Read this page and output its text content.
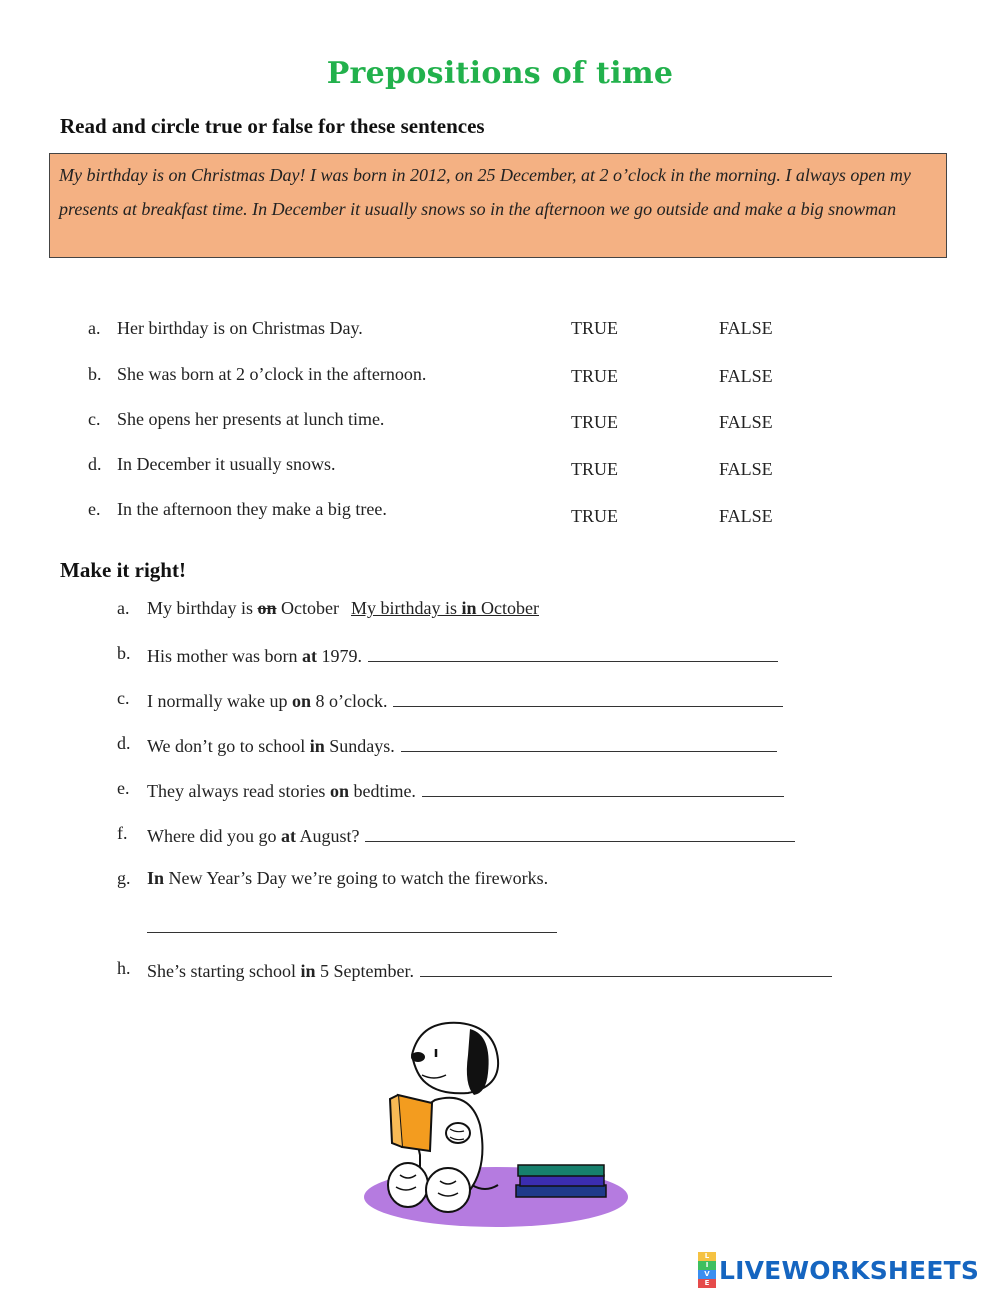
Prepositions of time
Read and circle true or false for these sentences
My birthday is on Christmas Day! I was born in 2012, on 25 December, at 2 o’clock in the morning. I always open my presents at breakfast time. In December it usually snows so in the afternoon we go outside and make a big snowman
a. Her birthday is on Christmas Day.	TRUE	FALSE
b. She was born at 2 o’clock in the afternoon.	TRUE	FALSE
c. She opens her presents at lunch time.	TRUE	FALSE
d. In December it usually snows.	TRUE	FALSE
e. In the afternoon they make a big tree.	TRUE	FALSE
Make it right!
a. My birthday is on October My birthday is in October
b. His mother was born at 1979.
c. I normally wake up on 8 o’clock.
d. We don’t go to school in Sundays.
e. They always read stories on bedtime.
f. Where did you go at August?
g. In New Year’s Day we’re going to watch the fireworks.
h. She’s starting school in 5 September.
L
I
V
E LIVEWORKSHEETS
